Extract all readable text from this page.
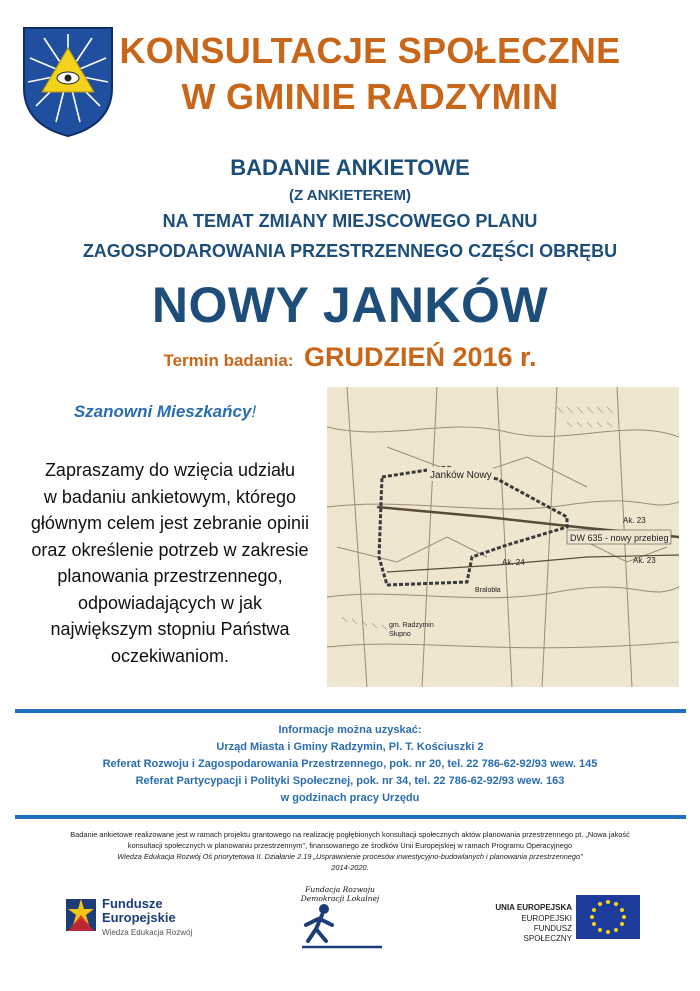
KONSULTACJE SPOŁECZNE
W GMINIE RADZYMIN
BADANIE ANKIETOWE
(Z ANKIETEREM)
NA TEMAT ZMIANY MIEJSCOWEGO PLANU
ZAGOSPODAROWANIA PRZESTRZENNEGO CZĘŚCI OBRĘBU
NOWY JANKÓW
Termin badania: GRUDZIEŃ 2016 r.
Szanowni Mieszkańcy!
Zapraszamy do wzięcia udziału
w badaniu ankietowym, którego
głównym celem jest zebranie opinii
oraz określenie potrzeb w zakresie
planowania przestrzennego,
odpowiadających w jak
największym stopniu Państwa
oczekiwaniom.
Janków Nowy
DW 635 - nowy przebieg
Ak. 23
Ak. 24	Ak. 23
gm. Radzymin
Słupno
Bralobła
Informacje można uzyskać:
Urząd Miasta i Gminy Radzymin, Pl. T. Kościuszki 2
Referat Rozwoju i Zagospodarowania Przestrzennego, pok. nr 20, tel. 22 786-62-92/93 wew. 145
Referat Partycypacji i Polityki Społecznej, pok. nr 34, tel. 22 786-62-92/93 wew. 163
w godzinach pracy Urzędu
Badanie ankietowe realizowane jest w ramach projektu grantowego na realizację pogłębionych konsultacji społecznych aktów planowania przestrzennego pt. „Nowa jakość
konsultacji społecznych w planowaniu przestrzennym", finansowanego ze środków Unii Europejskiej w ramach Programu Operacyjnego
Wiedza Edukacja Rozwój Oś priorytetowa II. Działanie 2.19 „Usprawnienie procesów inwestycyjno-budowlanych i planowania przestrzennego"
2014-2020.
Fundusze
Europejskie
Wiedza Edukacja Rozwój
Fundacja Rozwoju
Demokracji Lokalnej
UNIA EUROPEJSKA
EUROPEJSKI
FUNDUSZ SPOŁECZNY
